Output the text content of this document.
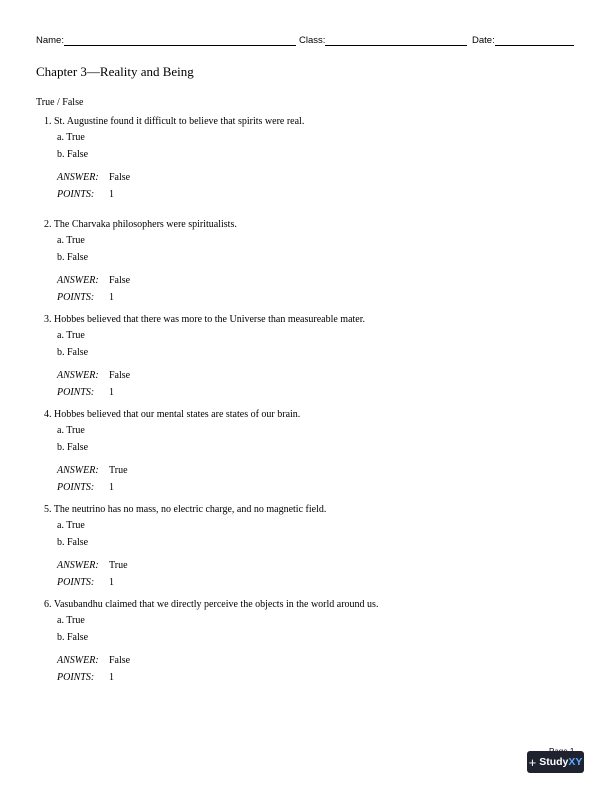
Name:	Class:	Date:
Chapter 3—Reality and Being
True / False
1. St. Augustine found it difficult to believe that spirits were real.
a. True
b. False
ANSWER: False
POINTS: 1
2. The Charvaka philosophers were spiritualists.
a. True
b. False
ANSWER: False
POINTS: 1
3. Hobbes believed that there was more to the Universe than measureable mater.
a. True
b. False
ANSWER: False
POINTS: 1
4. Hobbes believed that our mental states are states of our brain.
a. True
b. False
ANSWER: True
POINTS: 1
5. The neutrino has no mass, no electric charge, and no magnetic field.
a. True
b. False
ANSWER: True
POINTS: 1
6. Vasubandhu claimed that we directly perceive the objects in the world around us.
a. True
b. False
ANSWER: False
POINTS: 1
+ StudyXY
